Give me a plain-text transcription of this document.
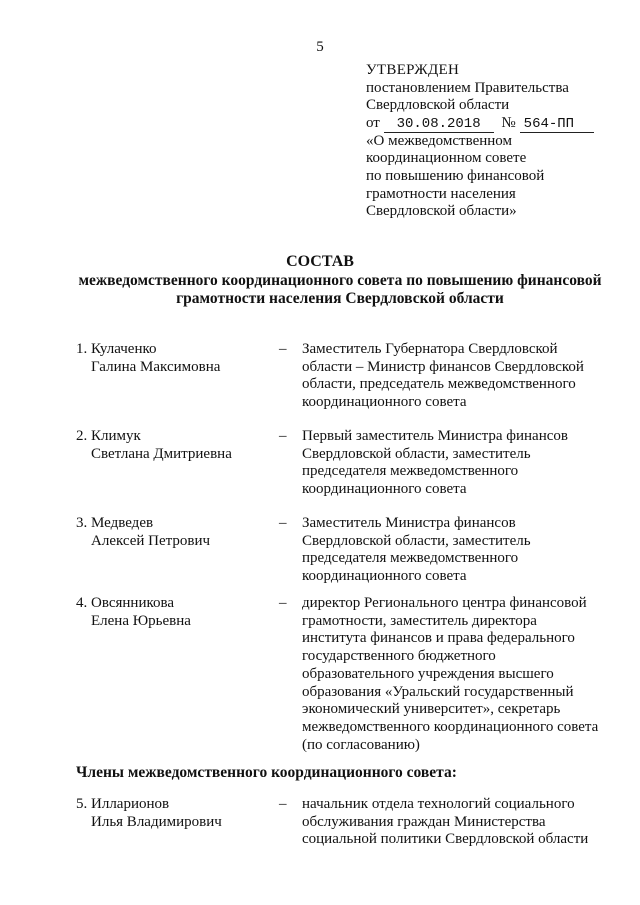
5
УТВЕРЖДЕН
постановлением Правительства
Свердловской области
от 30.08.2018 № 564-ПП
«О межведомственном
координационном совете
по повышению финансовой
грамотности населения
Свердловской области»
СОСТАВ
межведомственного координационного совета по повышению финансовой
грамотности населения Свердловской области
1. Кулаченко
Галина Максимовна
– Заместитель Губернатора Свердловской
области – Министр финансов Свердловской
области, председатель межведомственного
координационного совета
2. Климук
Светлана Дмитриевна
– Первый заместитель Министра финансов
Свердловской области, заместитель
председателя межведомственного
координационного совета
3. Медведев
Алексей Петрович
– Заместитель Министра финансов
Свердловской области, заместитель
председателя межведомственного
координационного совета
4. Овсянникова
Елена Юрьевна
– директор Регионального центра финансовой
грамотности, заместитель директора
института финансов и права федерального
государственного бюджетного
образовательного учреждения высшего
образования «Уральский государственный
экономический университет», секретарь
межведомственного координационного совета
(по согласованию)
Члены межведомственного координационного совета:
5. Илларионов
Илья Владимирович
– начальник отдела технологий социального
обслуживания граждан Министерства
социальной политики Свердловской области
